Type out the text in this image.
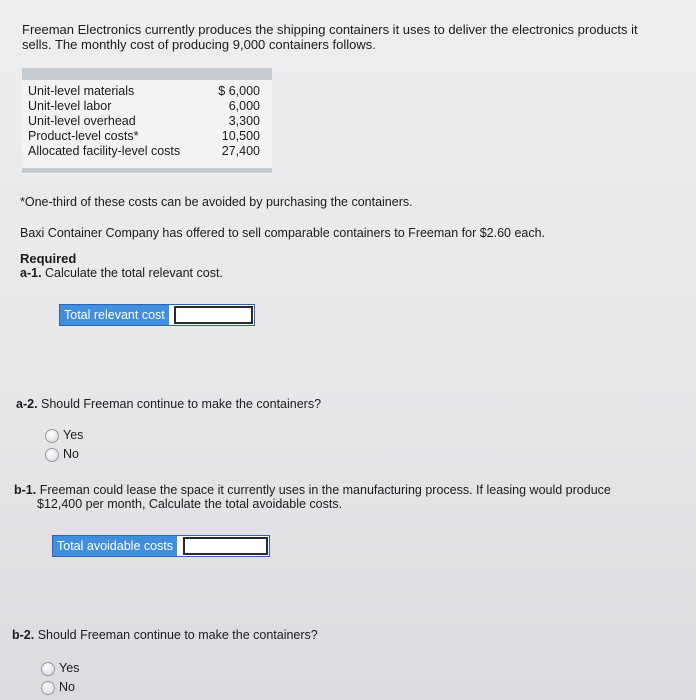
Freeman Electronics currently produces the shipping containers it uses to deliver the electronics products it sells. The monthly cost of producing 9,000 containers follows.
Unit-level materials	$ 6,000
Unit-level labor	6,000
Unit-level overhead	3,300
Product-level costs*	10,500
Allocated facility-level costs	27,400
*One-third of these costs can be avoided by purchasing the containers.
Baxi Container Company has offered to sell comparable containers to Freeman for $2.60 each.
Required
a-1. Calculate the total relevant cost.
Total relevant cost
a-2. Should Freeman continue to make the containers?
Yes
No
b-1. Freeman could lease the space it currently uses in the manufacturing process. If leasing would produce
$12,400 per month, Calculate the total avoidable costs.
Total avoidable costs
b-2. Should Freeman continue to make the containers?
Yes
No
